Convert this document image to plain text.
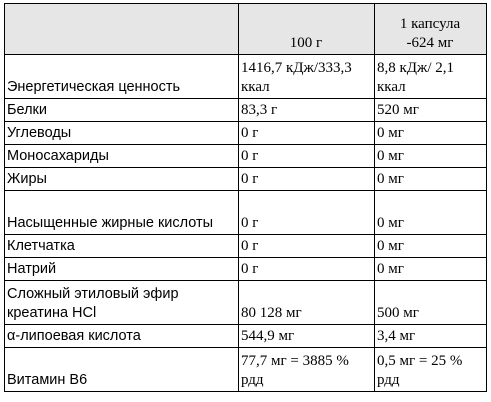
	100 г	1 капсула
-624 мг

Энергетическая ценность	1416,7 кДж/333,3 ккал	8,8 кДж/ 2,1 ккал
Белки	83,3 г	520 мг
Углеводы	0 г	0 мг
Моносахариды	0 г	0 мг
Жиры	0 г	0 мг
Насыщенные жирные кислоты	0 г	0 мг
Клетчатка	0 г	0 мг
Натрий	0 г	0 мг
Сложный этиловый эфир креатина HCl	80 128 мг	500 мг
α-липоевая кислота	544,9 мг	3,4 мг
Витамин B6	77,7 мг = 3885 % рдд	0,5 мг = 25 % рдд
